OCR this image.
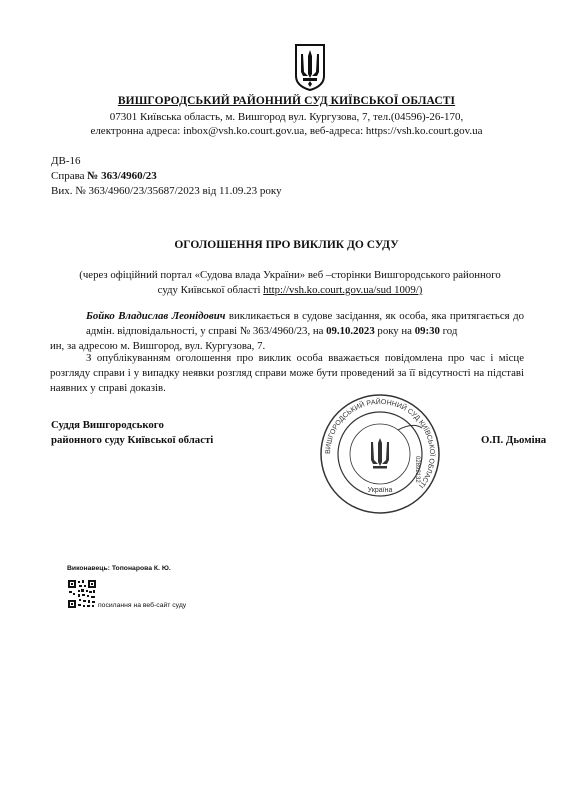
ВИШГОРОДСЬКИЙ РАЙОННИЙ СУД КИЇВСЬКОЇ ОБЛАСТІ
07301 Київська область, м. Вишгород вул. Кургузова, 7, тел.(04596)-26-170,
електронна адреса: inbox@vsh.ko.court.gov.ua, веб-адреса: https://vsh.ko.court.gov.ua
ДВ-16
Справа № 363/4960/23
Вих. № 363/4960/23/35687/2023 від 11.09.23 року
ОГОЛОШЕННЯ ПРО ВИКЛИК ДО СУДУ
(через офіційний портал «Судова влада України» веб –сторінки Вишгородського районного суду Київської області http://vsh.ko.court.gov.ua/sud 1009/)
Бойко Владислав Леонідович викликається в судове засідання, як особа, яка притягається до адмін. відповідальності, у справі № 363/4960/23, на 09.10.2023 року на 09:30 год
ин, за адресою м. Вишгород, вул. Кургузова, 7.
З опублікуванням оголошення про виклик особа вважається повідомлена про час і місце розгляду справи і у випадку неявки розгляд справи може бути проведений за її відсутності на підставі наявних у справі доказів.
Суддя Вишгородського
районного суду Київської області	О.П. Дьоміна
ВИШГОРОДСЬКИЙ РАЙОННИЙ СУД КИЇВСЬКОЇ ОБЛАСТІ
02892132
Україна
Виконавець: Топонарова К. Ю.
посилання на веб-сайт суду
